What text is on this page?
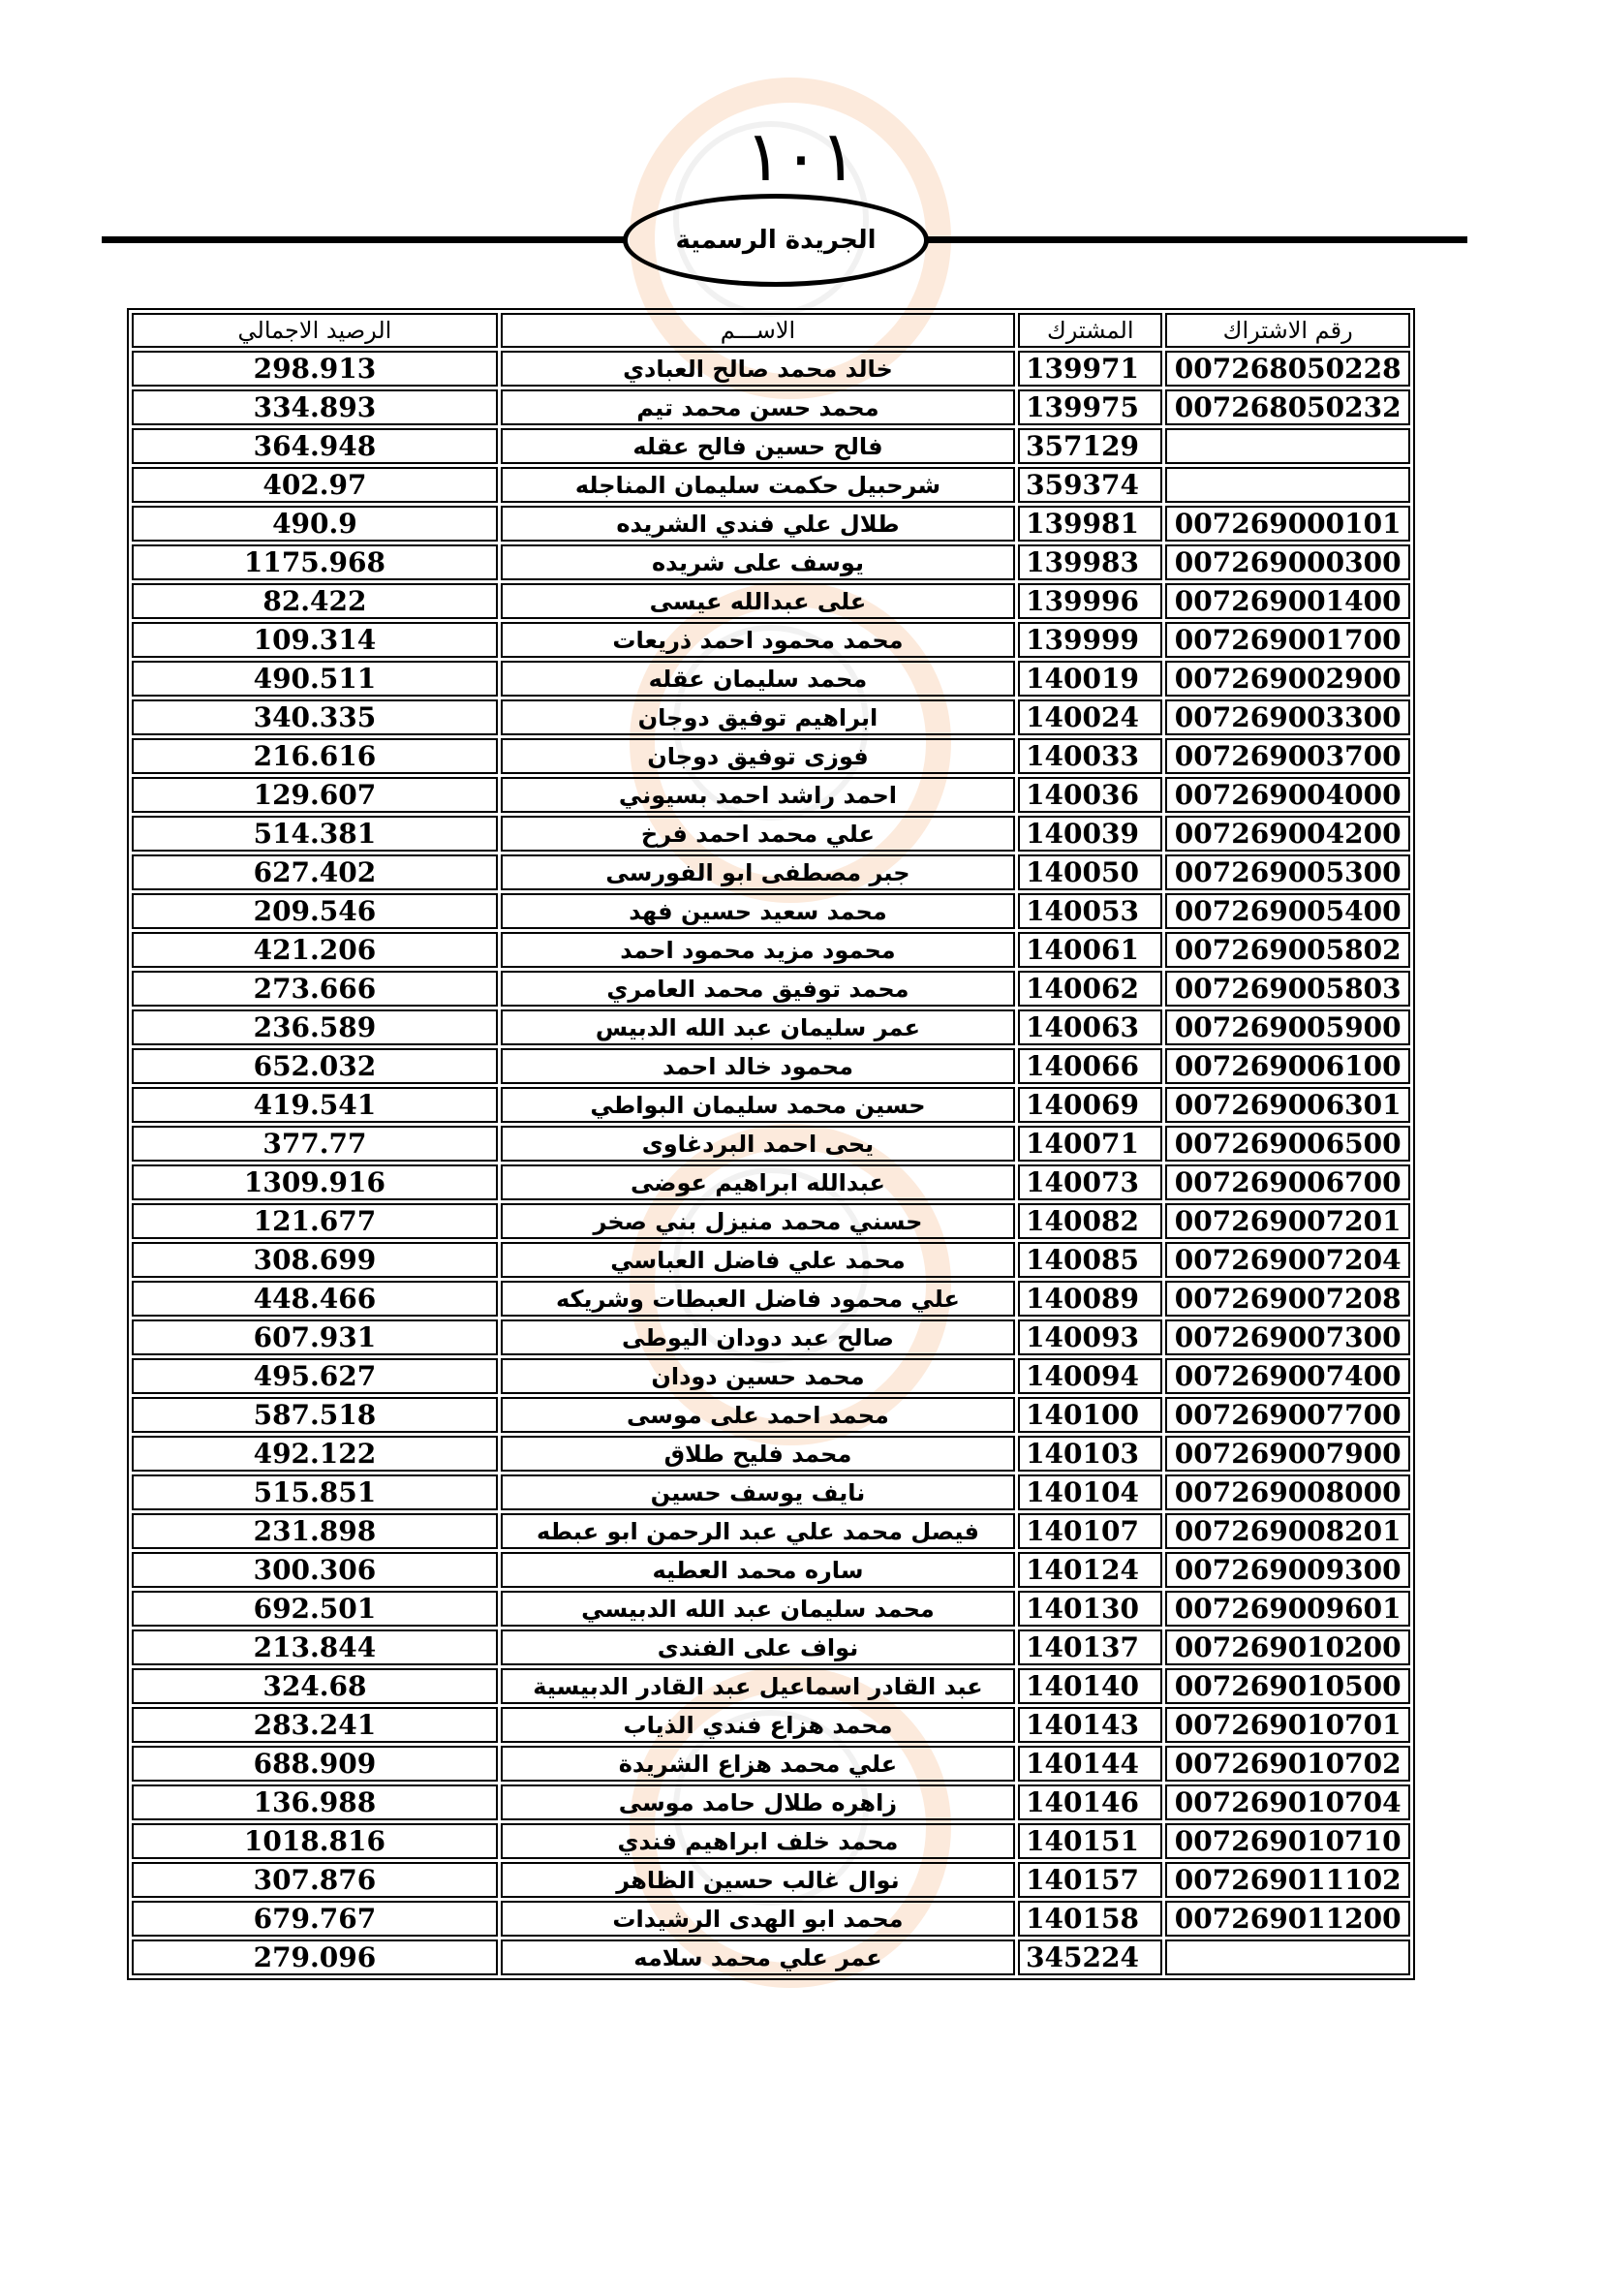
١٠١
الجريدة الرسمية
الرصيد الاجمالي	الاســـم	المشترك	رقم الاشتراك
298.913	خالد محمد صالح العبادي	139971	007268050228
334.893	محمد حسن محمد تيم	139975	007268050232
364.948	فالح حسين فالح عقله	357129	
402.97	شرحبيل حكمت سليمان المناجله	359374	
490.9	طلال علي فندي الشريده	139981	007269000101
1175.968	يوسف على شريده	139983	007269000300
82.422	على عبدالله عيسى	139996	007269001400
109.314	محمد محمود احمد ذريعات	139999	007269001700
490.511	محمد سليمان عقله	140019	007269002900
340.335	ابراهيم توفيق دوجان	140024	007269003300
216.616	فوزى توفيق دوجان	140033	007269003700
129.607	احمد راشد احمد بسيوني	140036	007269004000
514.381	علي محمد احمد فرخ	140039	007269004200
627.402	جبر مصطفى ابو الفورسى	140050	007269005300
209.546	محمد سعيد حسين فهد	140053	007269005400
421.206	محمود مزيد محمود احمد	140061	007269005802
273.666	محمد توفيق محمد العامري	140062	007269005803
236.589	عمر سليمان عبد الله الدبيس	140063	007269005900
652.032	محمود خالد احمد	140066	007269006100
419.541	حسين محمد سليمان البواطي	140069	007269006301
377.77	يحى احمد البردغاوى	140071	007269006500
1309.916	عبدالله ابراهيم عوضى	140073	007269006700
121.677	حسني محمد منيزل بني صخر	140082	007269007201
308.699	محمد علي فاضل العباسي	140085	007269007204
448.466	علي محمود فاضل العبطات وشريكه	140089	007269007208
607.931	صالح عبد دودان اليوطى	140093	007269007300
495.627	محمد حسين دودان	140094	007269007400
587.518	محمد احمد على موسى	140100	007269007700
492.122	محمد فليح طلاق	140103	007269007900
515.851	نايف يوسف حسين	140104	007269008000
231.898	فيصل محمد علي عبد الرحمن ابو عبطه	140107	007269008201
300.306	ساره محمد العطيه	140124	007269009300
692.501	محمد سليمان عبد الله الدبيسي	140130	007269009601
213.844	نواف على الفندى	140137	007269010200
324.68	عبد القادر اسماعيل عبد القادر الدبيسية	140140	007269010500
283.241	محمد هزاع فندي الذياب	140143	007269010701
688.909	علي محمد هزاع الشريدة	140144	007269010702
136.988	زاهره طلال حامد موسى	140146	007269010704
1018.816	محمد خلف ابراهيم فندي	140151	007269010710
307.876	نوال غالب حسين الظاهر	140157	007269011102
679.767	محمد ابو الهدى الرشيدات	140158	007269011200
279.096	عمر علي محمد سلامه	345224	
